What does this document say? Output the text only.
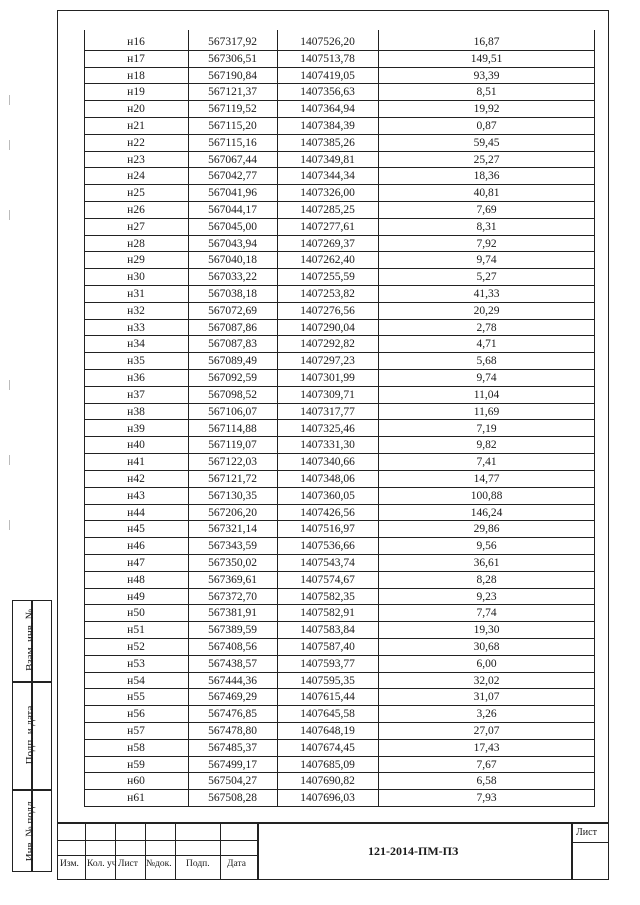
н16	567317,92	1407526,20	16,87
н17	567306,51	1407513,78	149,51
н18	567190,84	1407419,05	93,39
н19	567121,37	1407356,63	8,51
н20	567119,52	1407364,94	19,92
н21	567115,20	1407384,39	0,87
н22	567115,16	1407385,26	59,45
н23	567067,44	1407349,81	25,27
н24	567042,77	1407344,34	18,36
н25	567041,96	1407326,00	40,81
н26	567044,17	1407285,25	7,69
н27	567045,00	1407277,61	8,31
н28	567043,94	1407269,37	7,92
н29	567040,18	1407262,40	9,74
н30	567033,22	1407255,59	5,27
н31	567038,18	1407253,82	41,33
н32	567072,69	1407276,56	20,29
н33	567087,86	1407290,04	2,78
н34	567087,83	1407292,82	4,71
н35	567089,49	1407297,23	5,68
н36	567092,59	1407301,99	9,74
н37	567098,52	1407309,71	11,04
н38	567106,07	1407317,77	11,69
н39	567114,88	1407325,46	7,19
н40	567119,07	1407331,30	9,82
н41	567122,03	1407340,66	7,41
н42	567121,72	1407348,06	14,77
н43	567130,35	1407360,05	100,88
н44	567206,20	1407426,56	146,24
н45	567321,14	1407516,97	29,86
н46	567343,59	1407536,66	9,56
н47	567350,02	1407543,74	36,61
н48	567369,61	1407574,67	8,28
н49	567372,70	1407582,35	9,23
н50	567381,91	1407582,91	7,74
н51	567389,59	1407583,84	19,30
н52	567408,56	1407587,40	30,68
н53	567438,57	1407593,77	6,00
н54	567444,36	1407595,35	32,02
н55	567469,29	1407615,44	31,07
н56	567476,85	1407645,58	3,26
н57	567478,80	1407648,19	27,07
н58	567485,37	1407674,45	17,43
н59	567499,17	1407685,09	7,67
н60	567504,27	1407690,82	6,58
н61	567508,28	1407696,03	7,93
Взам. инв. №
Подп. и дата
Инв. № подл.
Изм. Кол. уч Лист №док. Подп. Дата
121-2014-ПМ-ПЗ
Лист
